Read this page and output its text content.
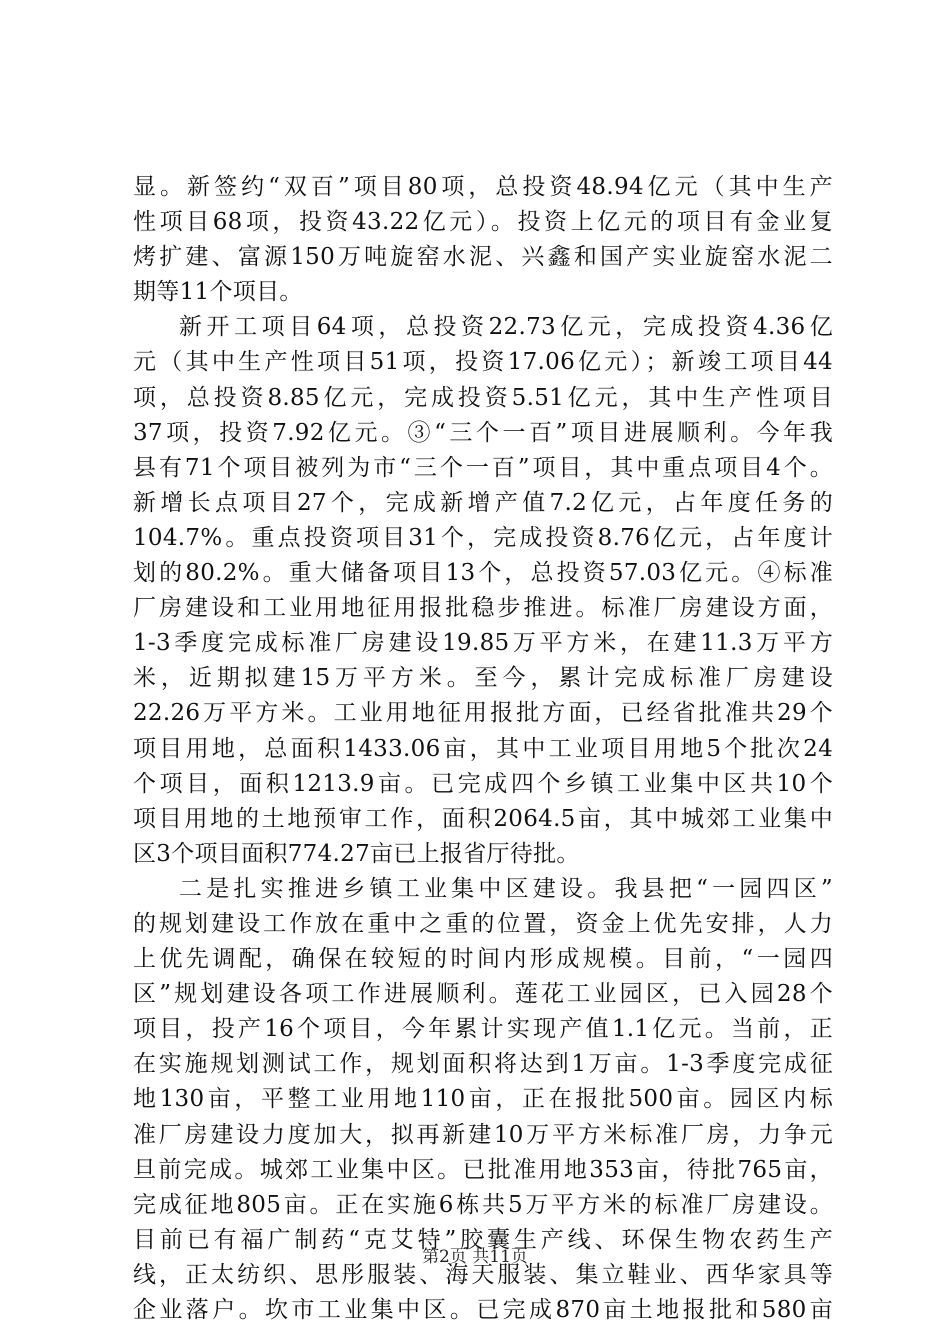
显。新签约“双百”项目80项，总投资48.94亿元（其中生产
性项目68项，投资43.22亿元）。投资上亿元的项目有金业复
烤扩建、富源150万吨旋窑水泥、兴鑫和国产实业旋窑水泥二
期等11个项目。
新开工项目64项，总投资22.73亿元，完成投资4.36亿
元（其中生产性项目51项，投资17.06亿元）；新竣工项目44
项，总投资8.85亿元，完成投资5.51亿元，其中生产性项目
37项，投资7.92亿元。③“三个一百”项目进展顺利。今年我
县有71个项目被列为市“三个一百”项目，其中重点项目4个。
新增长点项目27个，完成新增产值7.2亿元，占年度任务的
104.7%。重点投资项目31个，完成投资8.76亿元，占年度计
划的80.2%。重大储备项目13个，总投资57.03亿元。④标准
厂房建设和工业用地征用报批稳步推进。标准厂房建设方面，
1-3季度完成标准厂房建设19.85万平方米，在建11.3万平方
米，近期拟建15万平方米。至今，累计完成标准厂房建设
22.26万平方米。工业用地征用报批方面，已经省批准共29个
项目用地，总面积1433.06亩，其中工业项目用地5个批次24
个项目，面积1213.9亩。已完成四个乡镇工业集中区共10个
项目用地的土地预审工作，面积2064.5亩，其中城郊工业集中
区3个项目面积774.27亩已上报省厅待批。
二是扎实推进乡镇工业集中区建设。我县把“一园四区”
的规划建设工作放在重中之重的位置，资金上优先安排，人力
上优先调配，确保在较短的时间内形成规模。目前，“一园四
区”规划建设各项工作进展顺利。莲花工业园区，已入园28个
项目，投产16个项目，今年累计实现产值1.1亿元。当前，正
在实施规划测试工作，规划面积将达到1万亩。1-3季度完成征
地130亩，平整工业用地110亩，正在报批500亩。园区内标
准厂房建设力度加大，拟再新建10万平方米标准厂房，力争元
旦前完成。城郊工业集中区。已批准用地353亩，待批765亩，
完成征地805亩。正在实施6栋共5万平方米的标准厂房建设。
目前已有福广制药“克艾特”胶囊生产线、环保生物农药生产
线，正太纺织、思彤服装、海天服装、集立鞋业、西华家具等
企业落户。坎市工业集中区。已完成870亩土地报批和580亩
第2页 共11页
